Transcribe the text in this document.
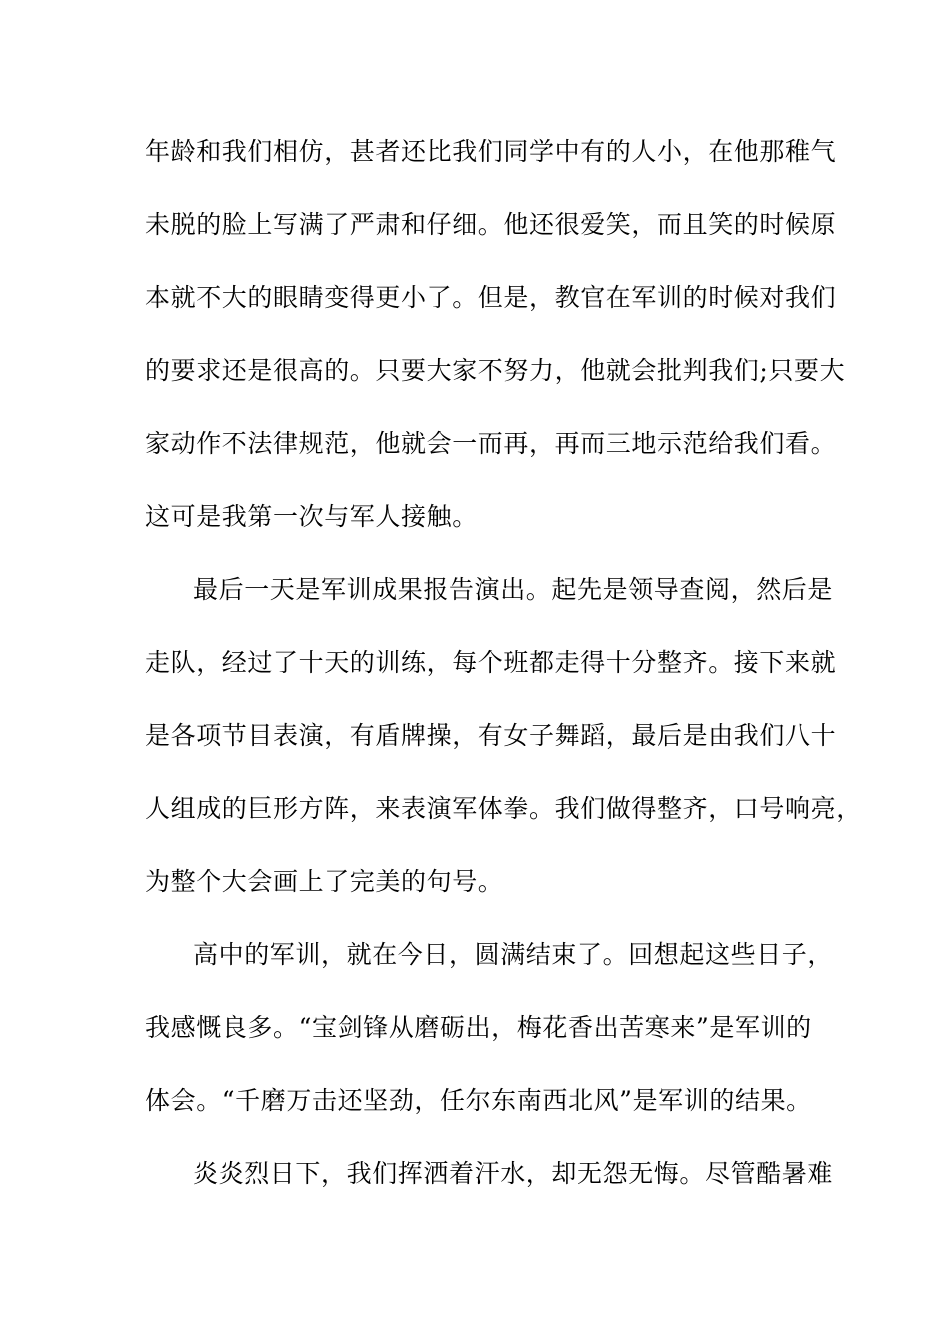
年龄和我们相仿，甚者还比我们同学中有的人小，在他那稚气
未脱的脸上写满了严肃和仔细。他还很爱笑，而且笑的时候原
本就不大的眼睛变得更小了。但是，教官在军训的时候对我们
的要求还是很高的。只要大家不努力，他就会批判我们;只要大
家动作不法律规范，他就会一而再，再而三地示范给我们看。
这可是我第一次与军人接触。
最后一天是军训成果报告演出。起先是领导查阅，然后是
走队，经过了十天的训练，每个班都走得十分整齐。接下来就
是各项节目表演，有盾牌操，有女子舞蹈，最后是由我们八十
人组成的巨形方阵，来表演军体拳。我们做得整齐，口号响亮，
为整个大会画上了完美的句号。
高中的军训，就在今日，圆满结束了。回想起这些日子，
我感慨良多。“宝剑锋从磨砺出，梅花香出苦寒来”是军训的
体会。“千磨万击还坚劲，任尔东南西北风”是军训的结果。
炎炎烈日下，我们挥洒着汗水，却无怨无悔。尽管酷暑难
